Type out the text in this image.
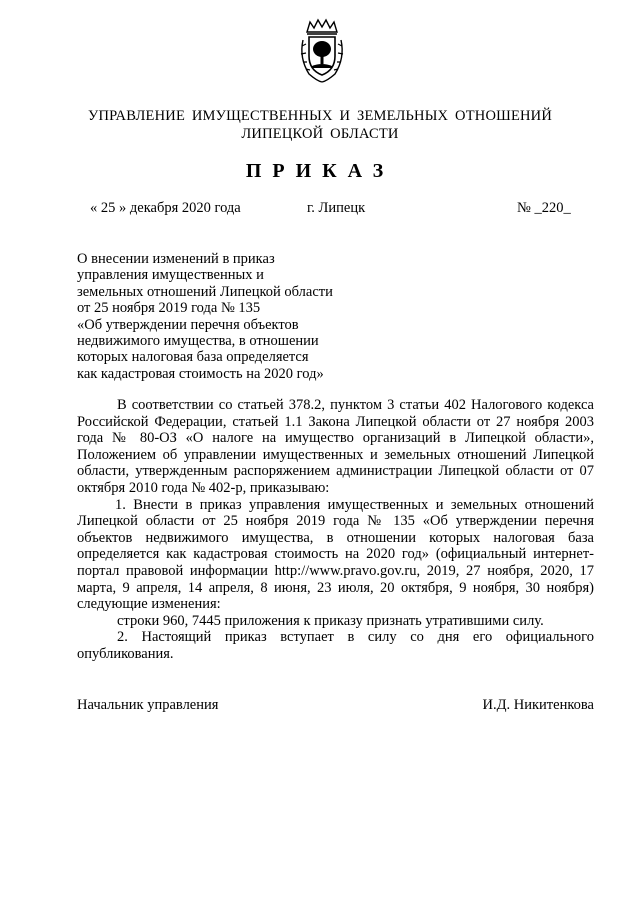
УПРАВЛЕНИЕ ИМУЩЕСТВЕННЫХ И ЗЕМЕЛЬНЫХ ОТНОШЕНИЙ
ЛИПЕЦКОЙ ОБЛАСТИ
ПРИКАЗ
« 25 » декабря 2020 года	г. Липецк	№ _220_
О внесении изменений в приказ
управления имущественных и
земельных отношений Липецкой области
от 25 ноября 2019 года № 135
«Об утверждении перечня объектов
недвижимого имущества, в отношении
которых налоговая база определяется
как кадастровая стоимость на 2020 год»

В соответствии со статьей 378.2, пунктом 3 статьи 402 Налогового кодекса Российской Федерации, статьей 1.1 Закона Липецкой области от 27 ноября 2003 года № 80-ОЗ «О налоге на имущество организаций в Липецкой области», Положением об управлении имущественных и земельных отношений Липецкой области, утвержденным распоряжением администрации Липецкой области от 07 октября 2010 года № 402-р, приказываю:

1. Внести в приказ управления имущественных и земельных отношений Липецкой области от 25 ноября 2019 года № 135 «Об утверждении перечня объектов недвижимого имущества, в отношении которых налоговая база определяется как кадастровая стоимость на 2020 год» (официальный интернет-портал правовой информации http://www.pravo.gov.ru, 2019, 27 ноября, 2020, 17 марта, 9 апреля, 14 апреля, 8 июня, 23 июля, 20 октября, 9 ноября, 30 ноября) следующие изменения:

строки 960, 7445 приложения к приказу признать утратившими силу.

2. Настоящий приказ вступает в силу со дня его официального опубликования.

Начальник управления	И.Д. Никитенкова
